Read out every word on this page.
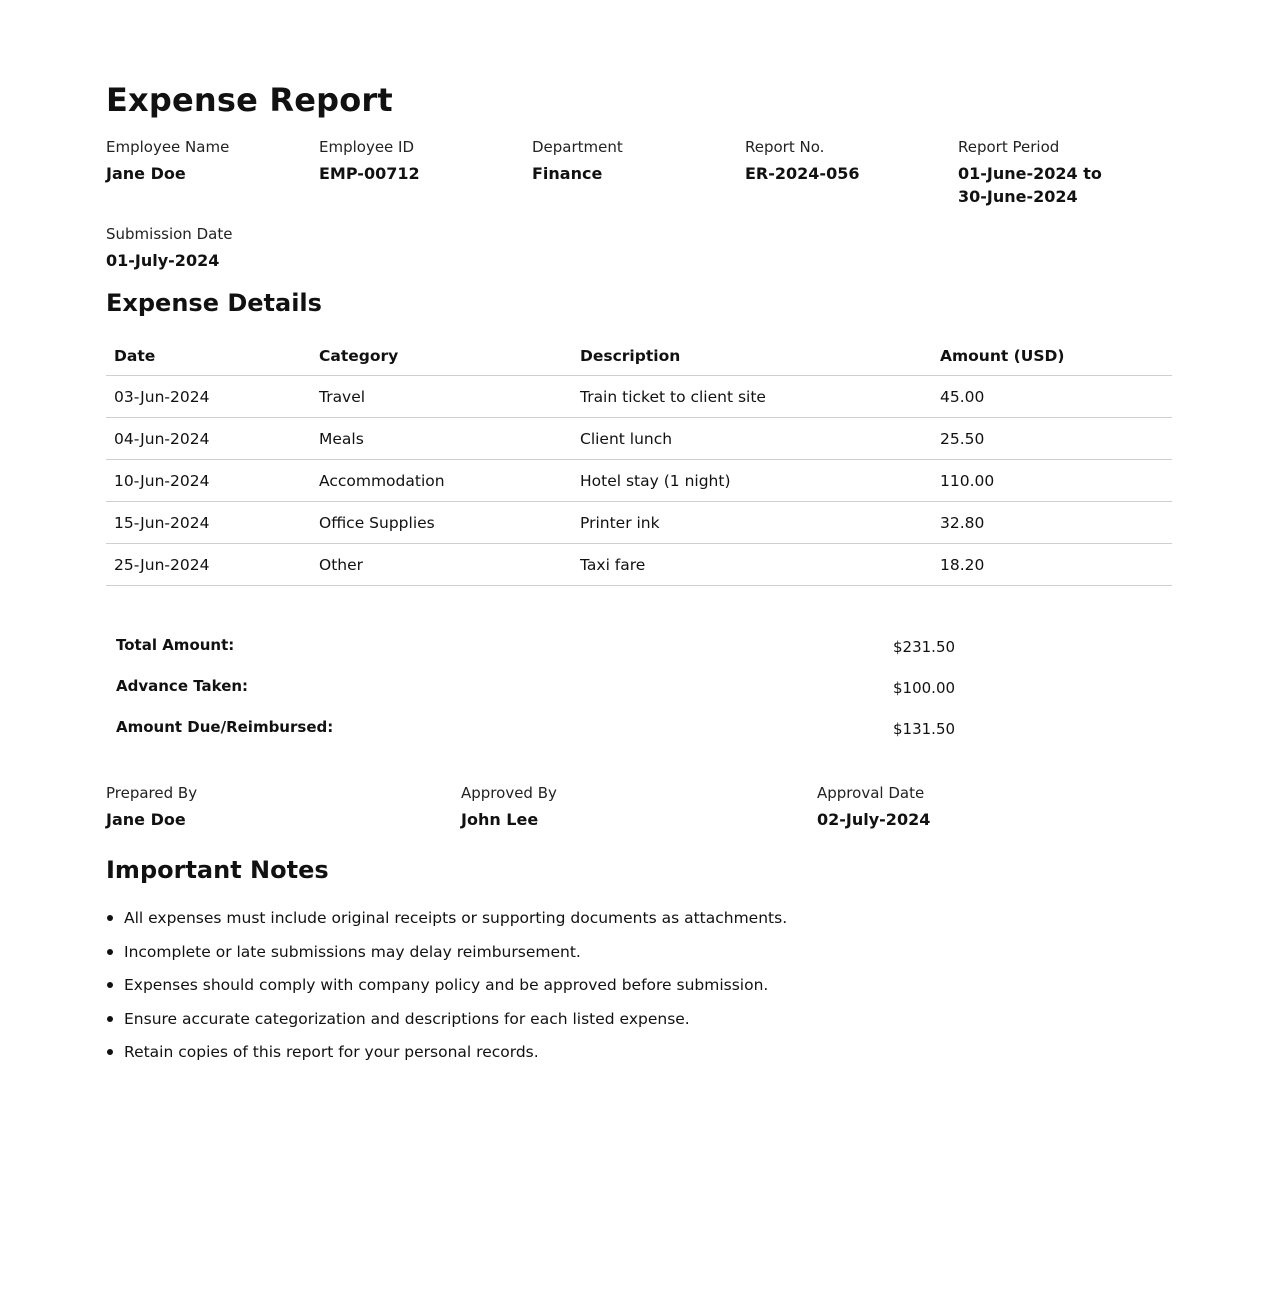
Expense Report
Employee Name
Jane Doe
Employee ID
EMP-00712
Department
Finance
Report No.
ER-2024-056
Report Period
01-June-2024 to 30-June-2024
Submission Date
01-July-2024
Expense Details
Date	Category	Description	Amount (USD)
03-Jun-2024	Travel	Train ticket to client site	45.00
04-Jun-2024	Meals	Client lunch	25.50
10-Jun-2024	Accommodation	Hotel stay (1 night)	110.00
15-Jun-2024	Office Supplies	Printer ink	32.80
25-Jun-2024	Other	Taxi fare	18.20
Total Amount:	$231.50
Advance Taken:	$100.00
Amount Due/Reimbursed:	$131.50
Prepared By
Jane Doe
Approved By
John Lee
Approval Date
02-July-2024
Important Notes
All expenses must include original receipts or supporting documents as attachments.
Incomplete or late submissions may delay reimbursement.
Expenses should comply with company policy and be approved before submission.
Ensure accurate categorization and descriptions for each listed expense.
Retain copies of this report for your personal records.
